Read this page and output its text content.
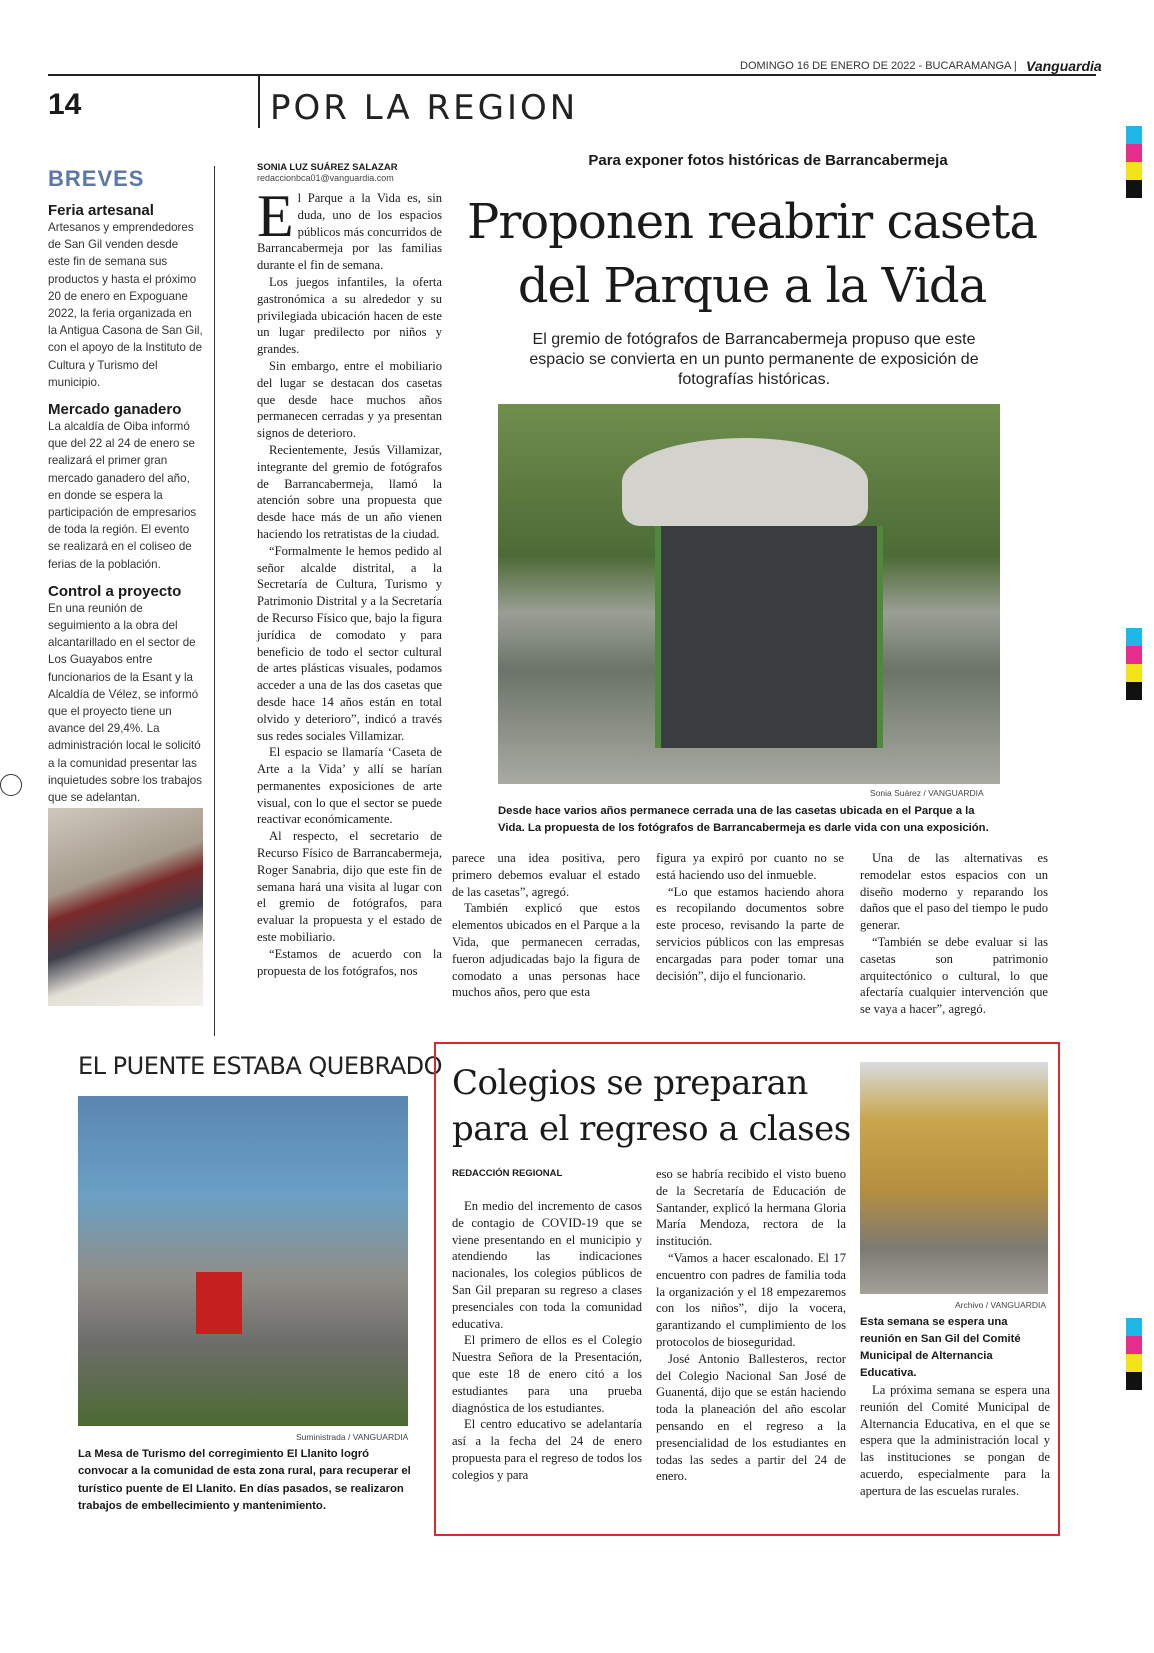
DOMINGO 16 DE ENERO DE 2022 - BUCARAMANGA | Vanguardia
14	POR LA REGION
BREVES
Feria artesanal
Artesanos y emprendedores de San Gil venden desde este fin de semana sus productos y hasta el próximo 20 de enero en Expoguane 2022, la feria organizada en la Antigua Casona de San Gil, con el apoyo de la Instituto de Cultura y Turismo del municipio.
Mercado ganadero
La alcaldía de Oiba informó que del 22 al 24 de enero se realizará el primer gran mercado ganadero del año, en donde se espera la participación de empresarios de toda la región. El evento se realizará en el coliseo de ferias de la población.
Control a proyecto
En una reunión de seguimiento a la obra del alcantarillado en el sector de Los Guayabos entre funcionarios de la Esant y la Alcaldía de Vélez, se informó que el proyecto tiene un avance del 29,4%. La administración local le solicitó a la comunidad presentar las inquietudes sobre los trabajos que se adelantan.
SONIA LUZ SUÁREZ SALAZAR
redaccionbca01@vanguardia.com
Para exponer fotos históricas de Barrancabermeja
Proponen reabrir caseta del Parque a la Vida
El gremio de fotógrafos de Barrancabermeja propuso que este espacio se convierta en un punto permanente de exposición de fotografías históricas.
E l Parque a la Vida es, sin duda, uno de los espacios públicos más concurridos de Barrancabermeja por las familias durante el fin de semana.

Los juegos infantiles, la oferta gastronómica a su alrededor y su privilegiada ubicación hacen de este un lugar predilecto por niños y grandes.

Sin embargo, entre el mobiliario del lugar se destacan dos casetas que desde hace muchos años permanecen cerradas y ya presentan signos de deterioro.

Recientemente, Jesús Villamizar, integrante del gremio de fotógrafos de Barrancabermeja, llamó la atención sobre una propuesta que desde hace más de un año vienen haciendo los retratistas de la ciudad.

“Formalmente le hemos pedido al señor alcalde distrital, a la Secretaría de Cultura, Turismo y Patrimonio Distrital y a la Secretaría de Recurso Físico que, bajo la figura jurídica de comodato y para beneficio de todo el sector cultural de artes plásticas visuales, podamos acceder a una de las dos casetas que desde hace 14 años están en total olvido y deterioro”, indicó a través sus redes sociales Villamizar.

El espacio se llamaría ‘Caseta de Arte a la Vida’ y allí se harían permanentes exposiciones de arte visual, con lo que el sector se puede reactivar económicamente.

Al respecto, el secretario de Recurso Físico de Barrancabermeja, Roger Sanabria, dijo que este fin de semana hará una visita al lugar con el gremio de fotógrafos, para evaluar la propuesta y el estado de este mobiliario.

“Estamos de acuerdo con la propuesta de los fotógrafos, nos

Sonia Suárez / VANGUARDIA
Desde hace varios años permanece cerrada una de las casetas ubicada en el Parque a la Vida. La propuesta de los fotógrafos de Barrancabermeja es darle vida con una exposición.

parece una idea positiva, pero primero debemos evaluar el estado de las casetas”, agregó.

También explicó que estos elementos ubicados en el Parque a la Vida, que permanecen cerradas, fueron adjudicadas bajo la figura de comodato a unas personas hace muchos años, pero que esta

figura ya expiró por cuanto no se está haciendo uso del inmueble.

“Lo que estamos haciendo ahora es recopilando documentos sobre este proceso, revisando la parte de servicios públicos con las empresas encargadas para poder tomar una decisión”, dijo el funcionario.

Una de las alternativas es remodelar estos espacios con un diseño moderno y reparando los daños que el paso del tiempo le pudo generar.

“También se debe evaluar si las casetas son patrimonio arquitectónico o cultural, lo que afectaría cualquier intervención que se vaya a hacer”, agregó.

EL PUENTE ESTABA QUEBRADO
Suministrada / VANGUARDIA
La Mesa de Turismo del corregimiento El Llanito logró convocar a la comunidad de esta zona rural, para recuperar el turístico puente de El Llanito. En días pasados, se realizaron trabajos de embellecimiento y mantenimiento.
Colegios se preparan para el regreso a clases
REDACCIÓN REGIONAL

En medio del incremento de casos de contagio de COVID-19 que se viene presentando en el municipio y atendiendo las indicaciones nacionales, los colegios públicos de San Gil preparan su regreso a clases presenciales con toda la comunidad educativa.

El primero de ellos es el Colegio Nuestra Señora de la Presentación, que este 18 de enero citó a los estudiantes para una prueba diagnóstica de los estudiantes.

El centro educativo se adelantaría así a la fecha del 24 de enero propuesta para el regreso de todos los colegios y para

eso se habría recibido el visto bueno de la Secretaría de Educación de Santander, explicó la hermana Gloria María Mendoza, rectora de la institución.

“Vamos a hacer escalonado. El 17 encuentro con padres de familia toda la organización y el 18 empezaremos con los niños”, dijo la vocera, garantizando el cumplimiento de los protocolos de bioseguridad.

José Antonio Ballesteros, rector del Colegio Nacional San José de Guanentá, dijo que se están haciendo toda la planeación del año escolar pensando en el regreso a la presencialidad de los estudiantes en todas las sedes a partir del 24 de enero.

Archivo / VANGUARDIA
Esta semana se espera una reunión en San Gil del Comité Municipal de Alternancia Educativa.

La próxima semana se espera una reunión del Comité Municipal de Alternancia Educativa, en el que se espera que la administración local y las instituciones se pongan de acuerdo, especialmente para la apertura de las escuelas rurales.
